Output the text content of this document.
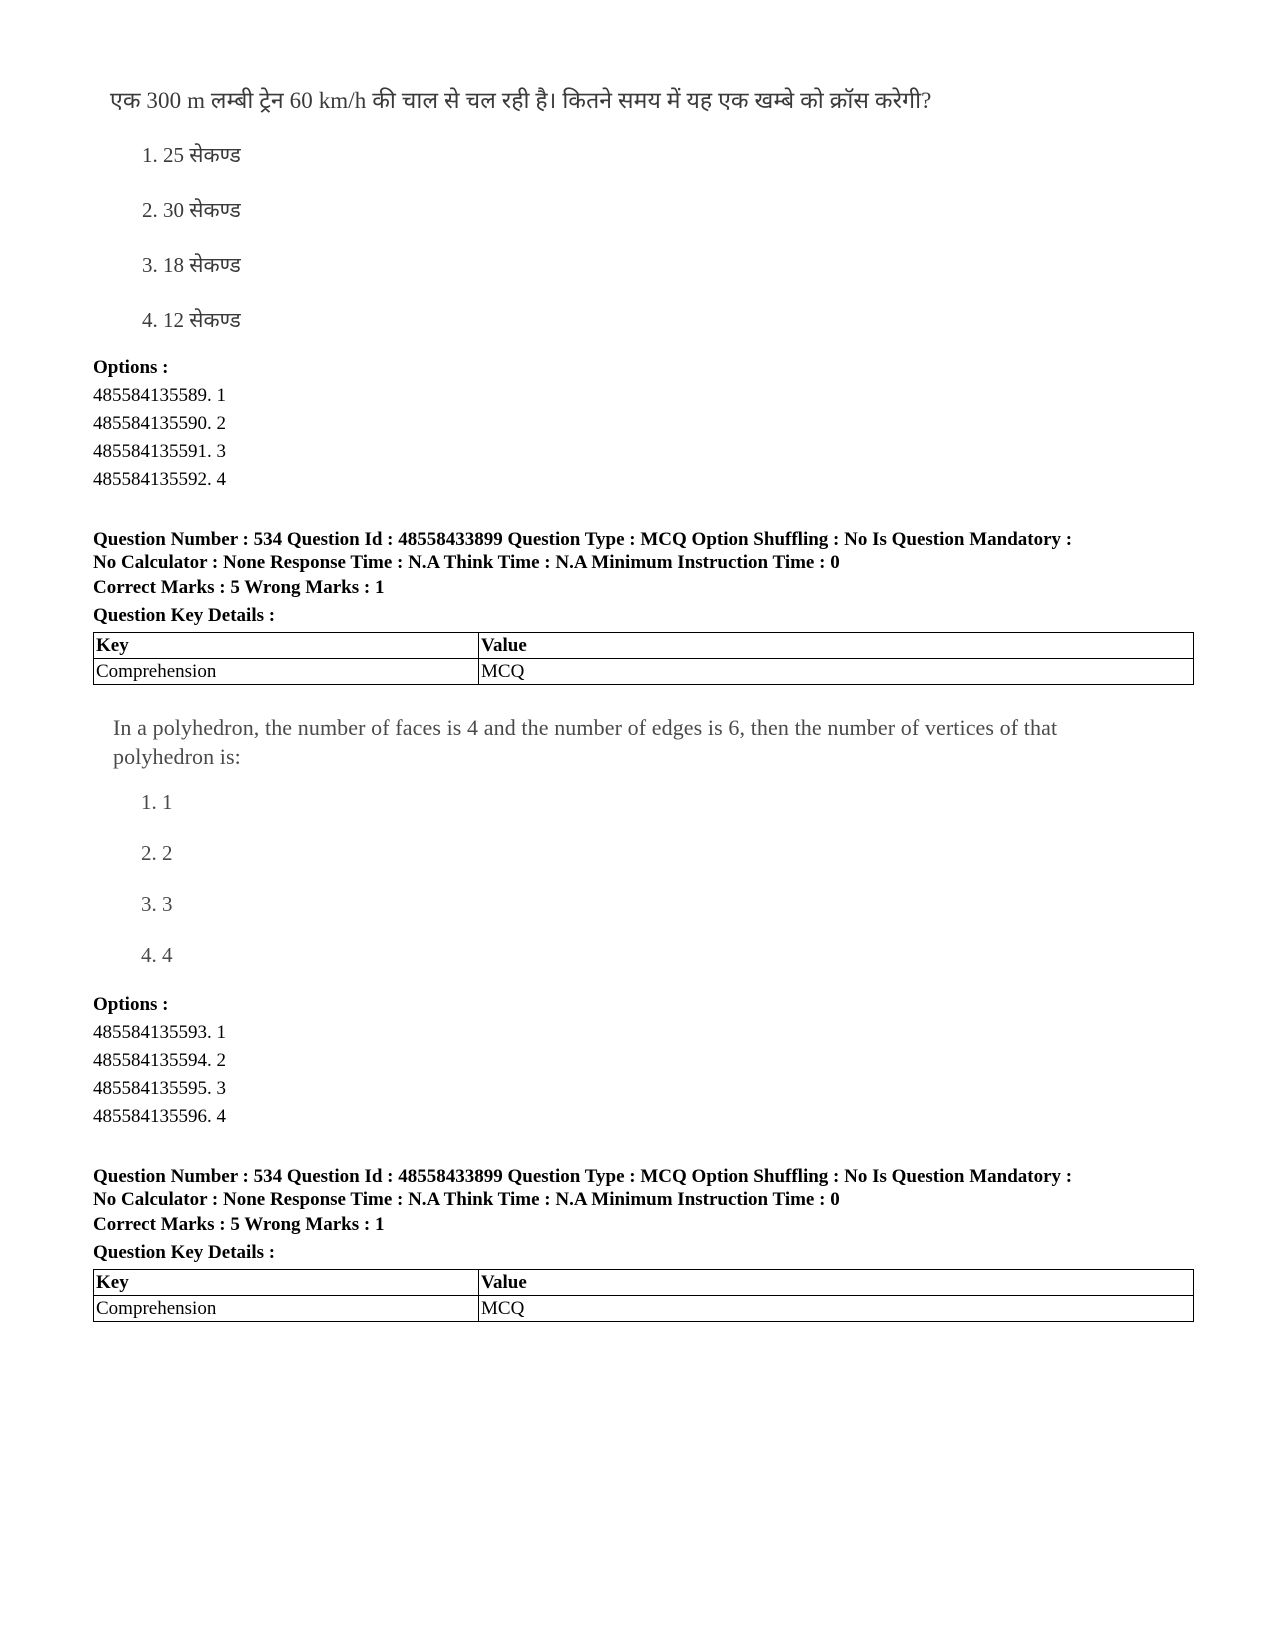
एक 300 m लम्बी ट्रेन 60 km/h की चाल से चल रही है। कितने समय में यह एक खम्बे को क्रॉस करेगी?
1. 25 सेकण्ड
2. 30 सेकण्ड
3. 18 सेकण्ड
4. 12 सेकण्ड
Options :
485584135589. 1
485584135590. 2
485584135591. 3
485584135592. 4
Question Number : 534 Question Id : 48558433899 Question Type : MCQ Option Shuffling : No Is Question Mandatory :
No Calculator : None Response Time : N.A Think Time : N.A Minimum Instruction Time : 0
Correct Marks : 5 Wrong Marks : 1
Question Key Details :
Key	Value
Comprehension	MCQ
In a polyhedron, the number of faces is 4 and the number of edges is 6, then the number of vertices of that
polyhedron is:
1. 1
2. 2
3. 3
4. 4
Options :
485584135593. 1
485584135594. 2
485584135595. 3
485584135596. 4
Question Number : 534 Question Id : 48558433899 Question Type : MCQ Option Shuffling : No Is Question Mandatory :
No Calculator : None Response Time : N.A Think Time : N.A Minimum Instruction Time : 0
Correct Marks : 5 Wrong Marks : 1
Question Key Details :
Key	Value
Comprehension	MCQ
